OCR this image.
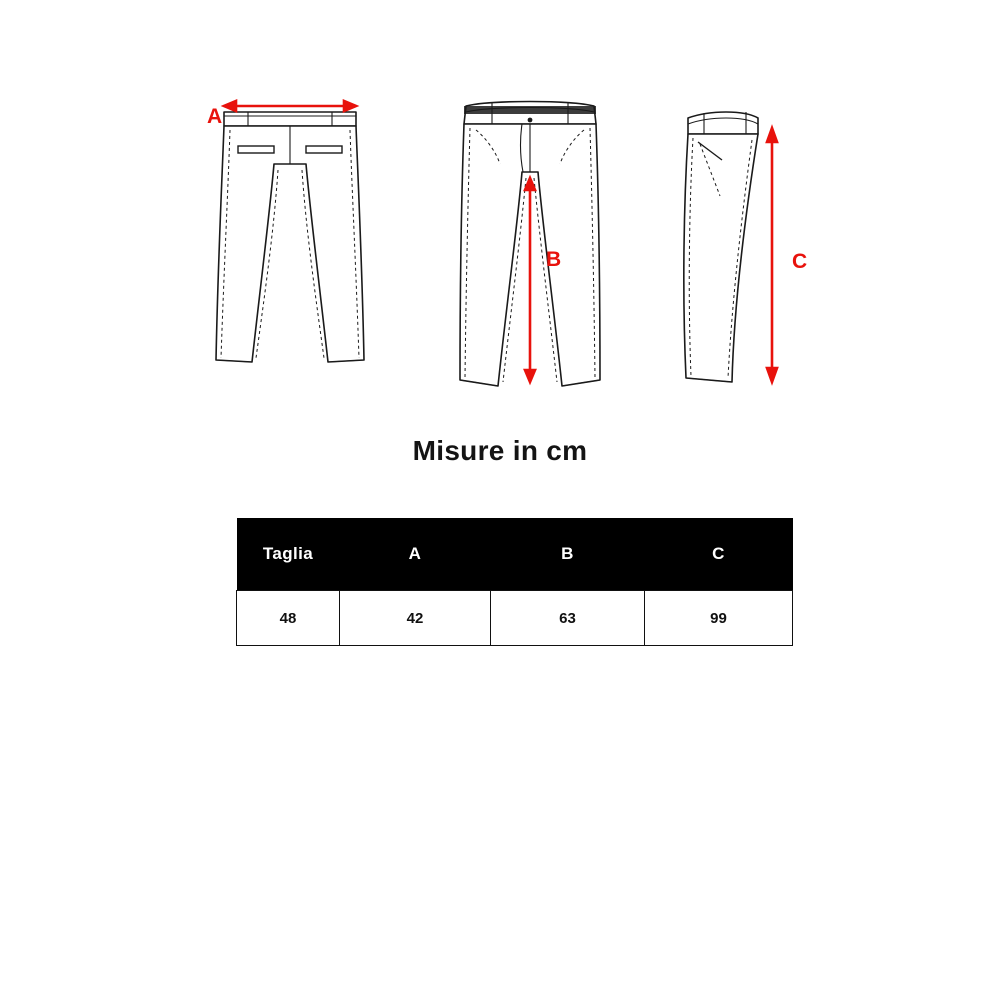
A
B	C
Misure in cm
Taglia	A	B	C
48	42	63	99
